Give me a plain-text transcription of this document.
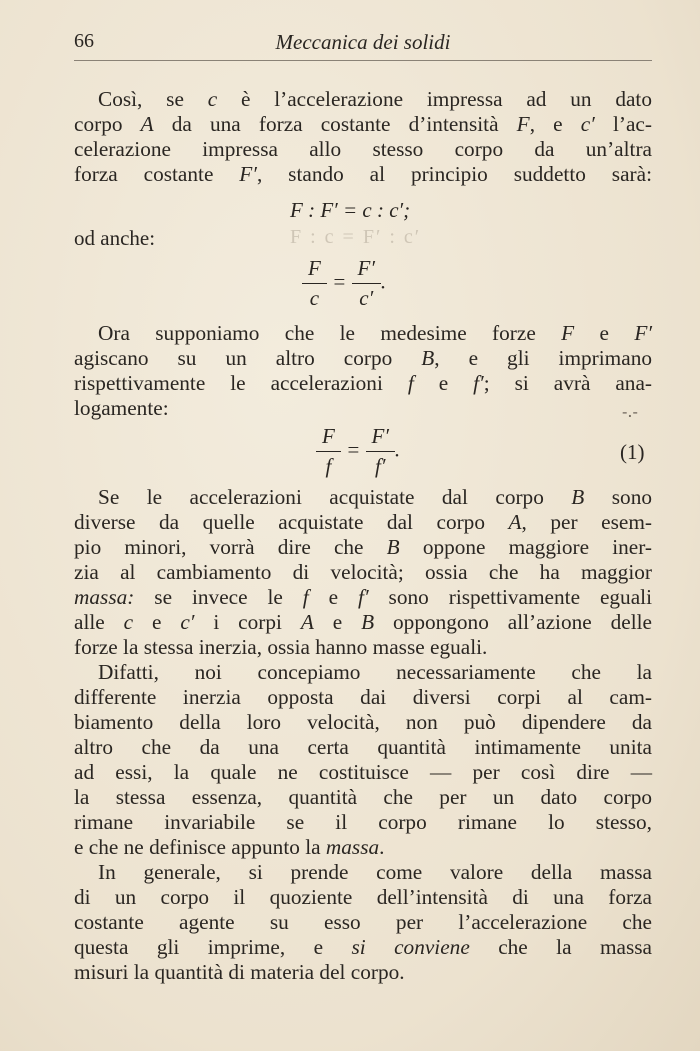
66	Meccanica dei solidi
Così, se c è l’accelerazione impressa ad un dato
corpo A da una forza costante d’intensità F, e c′ l’ac-
celerazione impressa allo stesso corpo da un’altra
forza costante F′, stando al principio suddetto sarà:
F : F′ = c : c′;
od anche:	F : c = F′ : c′
$\frac{F}{c} = \frac{F'}{c'}$ .
Ora supponiamo che le medesime forze F e F′
agiscano su un altro corpo B, e gli imprimano
rispettivamente le accelerazioni f e f′; si avrà ana-
logamente:	-.-
$\frac{F}{f} = \frac{F'}{f'}$ .	(1)
Se le accelerazioni acquistate dal corpo B sono
diverse da quelle acquistate dal corpo A, per esem-
pio minori, vorrà dire che B oppone maggiore iner-
zia al cambiamento di velocità; ossia che ha maggior
massa: se invece le f e f′ sono rispettivamente eguali
alle c e c′ i corpi A e B oppongono all’azione delle
forze la stessa inerzia, ossia hanno masse eguali.
Difatti, noi concepiamo necessariamente che la
differente inerzia opposta dai diversi corpi al cam-
biamento della loro velocità, non può dipendere da
altro che da una certa quantità intimamente unita
ad essi, la quale ne costituisce — per così dire —
la stessa essenza, quantità che per un dato corpo
rimane invariabile se il corpo rimane lo stesso,
e che ne definisce appunto la massa.
In generale, si prende come valore della massa
di un corpo il quoziente dell’intensità di una forza
costante agente su esso per l’accelerazione che
questa gli imprime, e si conviene che la massa
misuri la quantità di materia del corpo.
